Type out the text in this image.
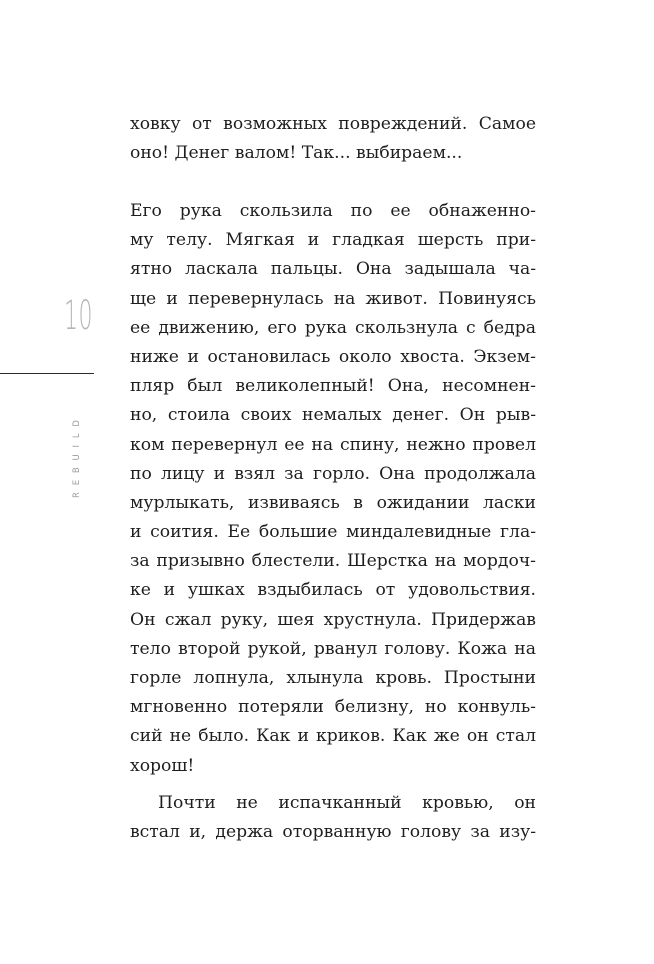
10
REBUILD
ховку от возможных повреждений. Самое
оно! Денег валом! Так... выбираем...
Его рука скользила по ее обнаженно-
му телу. Мягкая и гладкая шерсть при-
ятно ласкала пальцы. Она задышала ча-
ще и перевернулась на живот. Повинуясь
ее движению, его рука скользнула с бедра
ниже и остановилась около хвоста. Экзем-
пляр был великолепный! Она, несомнен-
но, стоила своих немалых денег. Он рыв-
ком перевернул ее на спину, нежно провел
по лицу и взял за горло. Она продолжала
мурлыкать, извиваясь в ожидании ласки
и соития. Ее большие миндалевидные гла-
за призывно блестели. Шерстка на мордоч-
ке и ушках вздыбилась от удовольствия.
Он сжал руку, шея хрустнула. Придержав
тело второй рукой, рванул голову. Кожа на
горле лопнула, хлынула кровь. Простыни
мгновенно потеряли белизну, но конвуль-
сий не было. Как и криков. Как же он стал
хорош!
Почти не испачканный кровью, он
встал и, держа оторванную голову за изу-
